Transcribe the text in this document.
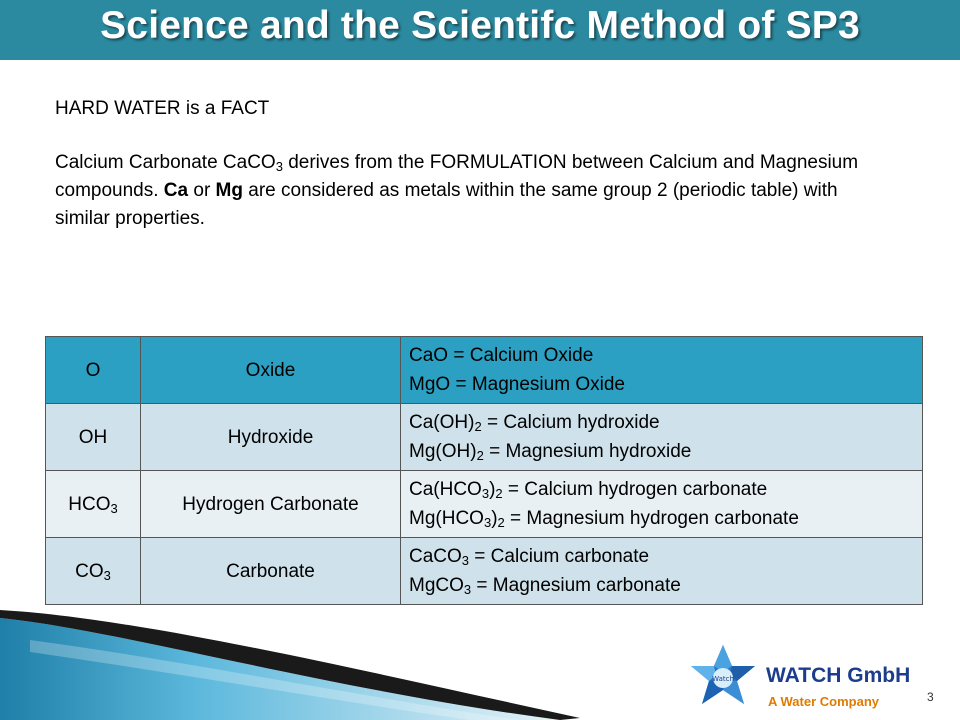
Science and the Scientifc Method of SP3

HARD WATER is a FACT

Calcium Carbonate CaCO$_3$ derives from the FORMULATION between Calcium and Magnesium compounds. Ca or Mg are considered as metals within the same group 2 (periodic table) with similar properties.

O	Oxide	CaO = Calcium Oxide
MgO = Magnesium Oxide

OH	Hydroxide	$Ca(OH)_2$ = Calcium hydroxide
$Mg(OH)_2$ = Magnesium hydroxide

$HCO_3$	Hydrogen Carbonate	$Ca(HCO_3)_2$ = Calcium hydrogen carbonate
$Mg(HCO_3)_2$ = Magnesium hydrogen carbonate

$CO_3$	Carbonate	CaCO$_3$ = Calcium carbonate
MgCO$_3$ = Magnesium carbonate
Watch WATCH GmbH
A Water Company	3
